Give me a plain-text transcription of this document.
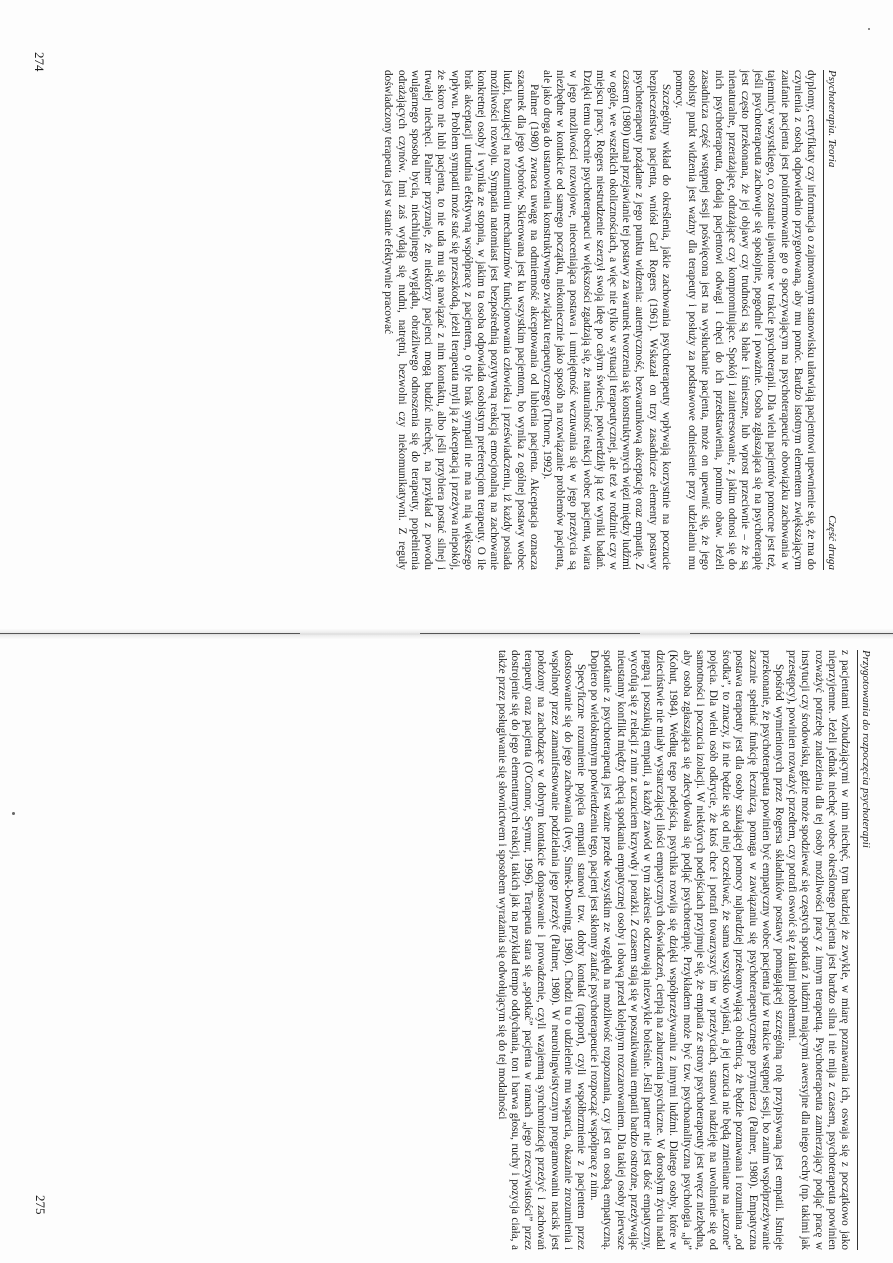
Psychoterapia. Teoria
Część druga

dyplomy, certyfikaty czy informacja o zajmowanym stanowisku ułatwiają pacjentowi upewnienie się, że ma do czynienia z osobą odpowiednio przygotowaną, aby mu pomóc. Bardzo istotnym elementem zwiększającym zaufanie pacjenta jest poinformowanie go o spoczywającym na psychoterapeucie obowiązku zachowania w tajemnicy wszystkiego, co zostanie ujawnione w trakcie psychoterapii. Dla wielu pacjentów pomocne jest też, jeśli psychoterapeuta zachowuje się spokojnie, pogodnie i poważnie. Osoba zgłaszająca się na psychoterapię jest często przekonana, że jej objawy czy trudności są błahe i śmieszne, lub wprost przeciwnie – że są nienaturalne, przerażające, odrażające czy kompromitujące. Spokój i zainteresowanie, z jakim odnosi się do nich psychoterapeuta, dodają pacjentowi odwagi i chęci do ich przedstawienia, pomimo obaw. Jeżeli zasadnicza część wstępnej sesji poświęcona jest na wysłuchanie pacjenta, może on upewnić się, że jego osobisty punkt widzenia jest ważny dla terapeuty i posłuży za podstawowe odniesienie przy udzielaniu mu pomocy.

Szczególny wkład do określenia, jakie zachowania psychoterapeuty wpływają korzystnie na poczucie bezpieczeństwa pacjenta, wniósł Carl Rogers (1961). Wskazał on trzy zasadnicze elementy postawy psychoterapeuty pożądane z jego punktu widzenia: autentyczność, bezwarunkową akceptację oraz empatię. Z czasem (1980) uznał przejawianie tej postawy za warunek tworzenia się konstruktywnych więzi między ludźmi w ogóle, we wszelkich okolicznościach, a więc nie tylko w sytuacji terapeutycznej, ale też w rodzinie czy w miejscu pracy. Rogers niestrudzenie szerzył swoją ideę po całym świecie, potwierdziły ją też wyniki badań. Dzięki temu obecnie psychoterapeuci w większości zgadzają się, że naturalność reakcji wobec pacjenta, wiara w jego możliwości rozwojowe, nieoceniająca postawa i umiejętność wczuwania się w jego przeżycia są niezbędne w kontakcie od samego początku, niekoniecznie jako sposób na rozwiązanie problemów pacjenta, ale jako droga do ustanowienia konstruktywnego związku terapeutycznego (Thorne, 1992).

Palmer (1980) zwraca uwagę na odmienność akceptowania od lubienia pacjenta. Akceptacja oznacza szacunek dla jego wyborów. Skierowana jest ku wszystkim pacjentom, bo wynika z ogólnej postawy wobec ludzi, bazującej na rozumieniu mechanizmów funkcjonowania człowieka i przeświadczeniu, iż każdy posiada możliwości rozwoju. Sympatia natomiast jest bezpośrednią pozytywną reakcją emocjonalną na zachowanie konkretnej osoby i wynika ze stopnia, w jakim ta osoba odpowiada osobistym preferencjom terapeuty. O ile brak akceptacji utrudnia efektywną współpracę z pacjentem, o tyle brak sympatii nie ma na nią większego wpływu. Problem sympatii może stać się przeszkodą, jeżeli terapeuta myli ją z akceptacją i przeżywa niepokój, że skoro nie lubi pacjenta, to nie uda mu się nawiązać z nim kontaktu, albo jeśli przybiera postać silnej i trwałej niechęci. Palmer przyznaje, że niektórzy pacjenci mogą budzić niechęć, na przykład z powodu wulgarnego sposobu bycia, niechlujnego wyglądu, obraźliwego odnoszenia się do terapeuty, popełnienia odrażających czynów. Inni zaś wydają się nudni, natrętni, bezwolni czy niekomunikatywni. Z reguły doświadczony terapeuta jest w stanie efektywnie pracować

274
Przygotowania do rozpoczęcia psychoterapii

z pacjentami wzbudzającymi w nim niechęć, tym bardziej że zwykle, w miarę poznawania ich, oswaja się z początkowo jako nieprzyjemne. Jeżeli jednak niechęć wobec określonego pacjenta jest bardzo silna i nie mija z czasem, psychoterapeuta powinien rozważyć potrzebę znalezienia dla tej osoby możliwości pracy z innym terapeutą. Psychoterapeuta zamierzający podjąć pracę w instytucji czy środowisku, gdzie może spodziewać się częstych spotkań z ludźmi mającymi awersyjne dla niego cechy (np. takimi jak przestępcy), powinien rozważyć przedtem, czy potrafi oswoić się z takimi problemami.

Spośród wymienionych przez Rogersa składników postawy pomagającej szczególną rolę przypisywaną jest empatii. Istnieje przekonanie, że psychoterapeuta powinien być empatyczny wobec pacjenta już w trakcie wstępnej sesji, bo zanim współprzeżywanie zacznie spełniać funkcję leczniczą, pomaga w zawiązaniu się psychoterapeutycznego przymierza (Palmer, 1980). Empatyczna postawa terapeuty jest dla osoby szukającej pomocy najbardziej przekonywającą obietnicą, że będzie poznawana i rozumiana „od środka”, to znaczy, iż nie będzie się od niej oczekiwać, że sama wszystko wyjaśni, a jej uczucia nie będą zmieniane na „uczone” pojęcia. Dla wielu osób odkrycie, że ktoś chce i potrafi towarzyszyć im w przeżyciach, stanowi nadzieję na uwolnienie się od samotności i poczucia izolacji. W niektórych podejściach przyjmuje się, że empatia ze strony psychoterapeuty jest wręcz niezbędna, aby osoba zgłaszająca się zdecydowała się podjąć psychoterapię. Przykładem może być tzw. psychoanalityczna psychologia „ja” (Kohut, 1984). Według tego podejścia, psychika rozwija się dzięki współprzeżywaniu z innymi ludźmi. Dlatego osoby, które w dzieciństwie nie miały wystarczającej ilości empatycznych doświadczeń, cierpią na zaburzenia psychiczne. W dorosłym życiu nadal pragną i poszukują empatii, a każdy zawód w tym zakresie odczuwają niezwykle boleśnie. Jeśli partner nie jest dość empatyczny, wycofują się z relacji z nim z uczuciem krzywdy i porażki. Z czasem stają się w poszukiwaniu empatii bardzo ostrożne, przeżywając nieustanny konflikt między chęcią spotkania empatycznej osoby i obawą przed kolejnym rozczarowaniem. Dla takiej osoby pierwsze spotkanie z psychoterapeutą jest ważne przede wszystkim ze względu na możliwość rozpoznania, czy jest on osobą empatyczną. Dopiero po wielokrotnym potwierdzeniu tego, pacjent jest skłonny zaufać psychoterapeucie i rozpocząć współpracę z nim.

Specyficzne rozumienie pojęcia empatii stanowi tzw. dobry kontakt (rapport), czyli współbrzmienie z pacjentem przez dostosowanie się do jego zachowania (Ivey, Simek-Downing, 1980). Chodzi tu o udzielenie mu wsparcia, okazanie zrozumienia i wspólnoty przez zamanifestowanie podzielania jego przeżyć (Palmer, 1980). W neurolingwistycznym programowaniu nacisk jest położony na zachodzące w dobrym kontakcie dopasowanie i prowadzenie, czyli wzajemną synchronizację przeżyć i zachowań terapeuty oraz pacjenta (O'Connor, Seymur, 1996). Terapeuta stara się „spotkać” pacjenta w ramach „jego rzeczywistości” przez dostrojenie się do jego elementarnych reakcji, takich jak na przykład tempo oddychania, ton i barwa głosu, ruchy i pozycja ciała, a także przez posługiwanie się słownictwem i sposobem wyrażania się odwołującym się do tej modalności

275
